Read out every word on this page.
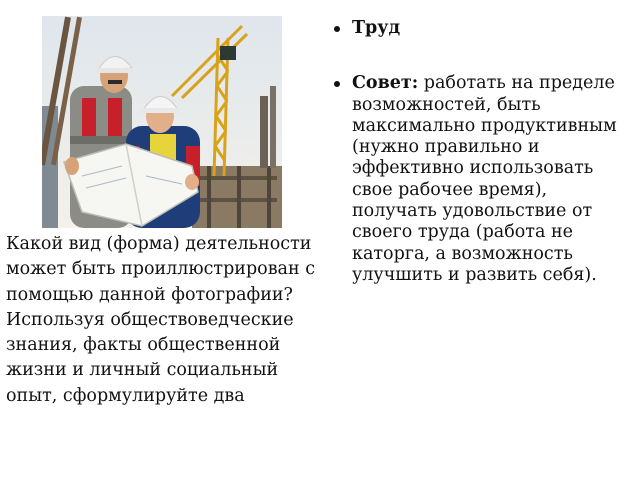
Какой вид (форма) деятельности может быть проиллюстрирован с помощью данной фотографии? Используя обществоведческие знания, факты общественной жизни и личный социальный опыт, сформулируйте два
Труд
Совет: работать на пределе возможностей, быть максимально продуктивным (нужно правильно и эффективно использовать свое рабочее время), получать удовольствие от своего труда (работа не каторга, а возможность улучшить и развить себя).
